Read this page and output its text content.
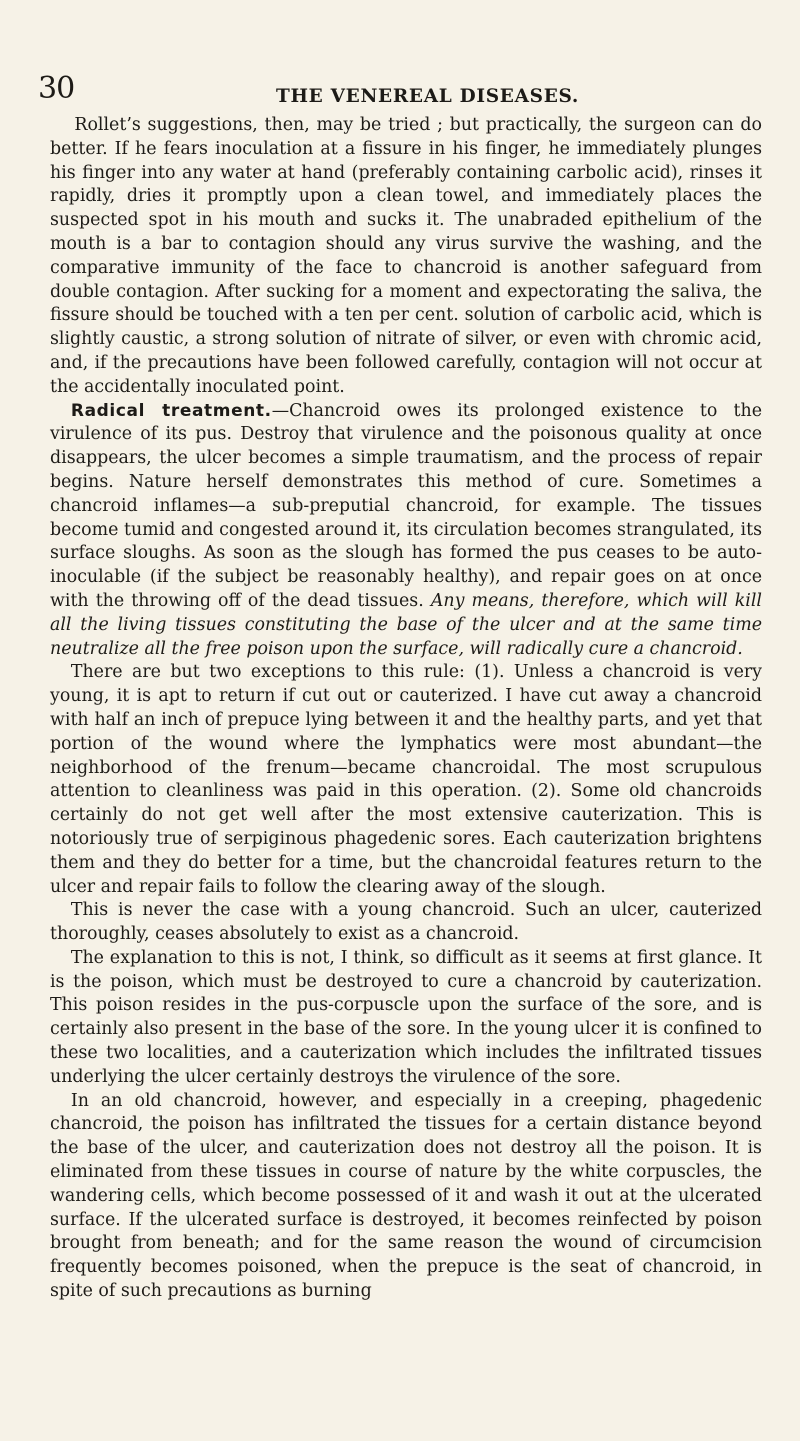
30	THE VENEREAL DISEASES.

Rollet’s suggestions, then, may be tried ; but practically, the surgeon can do better. If he fears inoculation at a fissure in his finger, he immediately plunges his finger into any water at hand (preferably containing carbolic acid), rinses it rapidly, dries it promptly upon a clean towel, and immediately places the suspected spot in his mouth and sucks it. The unabraded epithelium of the mouth is a bar to contagion should any virus survive the washing, and the comparative immunity of the face to chancroid is another safeguard from double contagion. After sucking for a moment and expectorating the saliva, the fissure should be touched with a ten per cent. solution of carbolic acid, which is slightly caustic, a strong solution of nitrate of silver, or even with chromic acid, and, if the precautions have been followed carefully, contagion will not occur at the accidentally inoculated point.

Radical treatment.—Chancroid owes its prolonged existence to the virulence of its pus. Destroy that virulence and the poisonous quality at once disappears, the ulcer becomes a simple traumatism, and the process of repair begins. Nature herself demonstrates this method of cure. Sometimes a chancroid inflames—a sub-preputial chancroid, for example. The tissues become tumid and congested around it, its circulation becomes strangulated, its surface sloughs. As soon as the slough has formed the pus ceases to be auto-inoculable (if the subject be reasonably healthy), and repair goes on at once with the throwing off of the dead tissues. Any means, therefore, which will kill all the living tissues constituting the base of the ulcer and at the same time neutralize all the free poison upon the surface, will radically cure a chancroid.

There are but two exceptions to this rule: (1). Unless a chancroid is very young, it is apt to return if cut out or cauterized. I have cut away a chancroid with half an inch of prepuce lying between it and the healthy parts, and yet that portion of the wound where the lymphatics were most abundant—the neighborhood of the frenum—became chancroidal. The most scrupulous attention to cleanliness was paid in this operation. (2). Some old chancroids certainly do not get well after the most extensive cauterization. This is notoriously true of serpiginous phagedenic sores. Each cauterization brightens them and they do better for a time, but the chancroidal features return to the ulcer and repair fails to follow the clearing away of the slough.

This is never the case with a young chancroid. Such an ulcer, cauterized thoroughly, ceases absolutely to exist as a chancroid.

The explanation to this is not, I think, so difficult as it seems at first glance. It is the poison, which must be destroyed to cure a chancroid by cauterization. This poison resides in the pus-corpuscle upon the surface of the sore, and is certainly also present in the base of the sore. In the young ulcer it is confined to these two localities, and a cauterization which includes the infiltrated tissues underlying the ulcer certainly destroys the virulence of the sore.

In an old chancroid, however, and especially in a creeping, phagedenic chancroid, the poison has infiltrated the tissues for a certain distance beyond the base of the ulcer, and cauterization does not destroy all the poison. It is eliminated from these tissues in course of nature by the white corpuscles, the wandering cells, which become possessed of it and wash it out at the ulcerated surface. If the ulcerated surface is destroyed, it becomes reinfected by poison brought from beneath; and for the same reason the wound of circumcision frequently becomes poisoned, when the prepuce is the seat of chancroid, in spite of such precautions as burning
